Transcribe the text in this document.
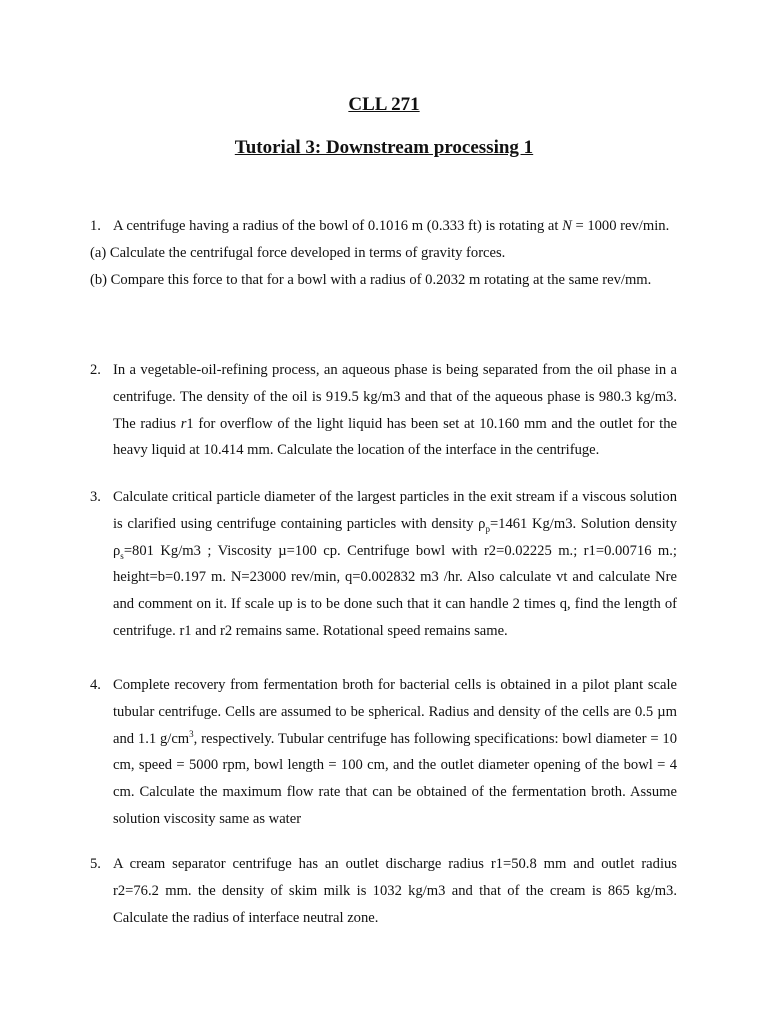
CLL 271
Tutorial 3: Downstream processing 1
1. A centrifuge having a radius of the bowl of 0.1016 m (0.333 ft) is rotating at N = 1000 rev/min.
(a) Calculate the centrifugal force developed in terms of gravity forces.
(b) Compare this force to that for a bowl with a radius of 0.2032 m rotating at the same rev/mm.
2. In a vegetable-oil-refining process, an aqueous phase is being separated from the oil phase in a centrifuge. The density of the oil is 919.5 kg/m3 and that of the aqueous phase is 980.3 kg/m3. The radius r1 for overflow of the light liquid has been set at 10.160 mm and the outlet for the heavy liquid at 10.414 mm. Calculate the location of the interface in the centrifuge.
3. Calculate critical particle diameter of the largest particles in the exit stream if a viscous solution is clarified using centrifuge containing particles with density $\rho_p=1461$ Kg/m3. Solution density $\rho_s=801$ Kg/m3 ; Viscosity µ=100 cp. Centrifuge bowl with r2=0.02225 m.; r1=0.00716 m.; height=b=0.197 m. N=23000 rev/min, q=0.002832 m3 /hr. Also calculate vt and calculate Nre and comment on it. If scale up is to be done such that it can handle 2 times q, find the length of centrifuge. r1 and r2 remains same. Rotational speed remains same.
4. Complete recovery from fermentation broth for bacterial cells is obtained in a pilot plant scale tubular centrifuge. Cells are assumed to be spherical. Radius and density of the cells are 0.5 µm and 1.1 $g/cm^3$, respectively. Tubular centrifuge has following specifications: bowl diameter = 10 cm, speed = 5000 rpm, bowl length = 100 cm, and the outlet diameter opening of the bowl = 4 cm. Calculate the maximum flow rate that can be obtained of the fermentation broth. Assume solution viscosity same as water
5. A cream separator centrifuge has an outlet discharge radius r1=50.8 mm and outlet radius r2=76.2 mm. the density of skim milk is 1032 kg/m3 and that of the cream is 865 kg/m3. Calculate the radius of interface neutral zone.
